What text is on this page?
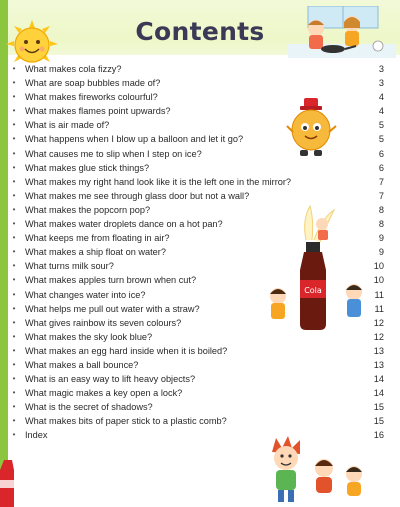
Contents
• What makes cola fizzy?	3
• What are soap bubbles made of?	3
• What makes fireworks colourful?	4
• What makes flames point upwards?	4
• What is air made of?	5
• What happens when I blow up a balloon and let it go?	5
• What causes me to slip when I step on ice?	6
• What makes glue stick things?	6
• What makes my right hand look like it is the left one in the mirror?	7
• What makes me see through glass door but not a wall?	7
• What makes the popcorn pop?	8
• What makes water droplets dance on a hot pan?	8
• What keeps me from floating in air?	9
• What makes a ship float on water?	9
• What turns milk sour?	10
• What makes apples turn brown when cut?	10
• What changes water into ice?	11
• What helps me pull out water with a straw?	11
• What gives rainbow its seven colours?	12
• What makes the sky look blue?	12
• What makes an egg hard inside when it is boiled?	13
• What makes a ball bounce?	13
• What is an easy way to lift heavy objects?	14
• What magic makes a key open a lock?	14
• What is the secret of shadows?	15
• What makes bits of paper stick to a plastic comb?	15
• Index	16
Cola
